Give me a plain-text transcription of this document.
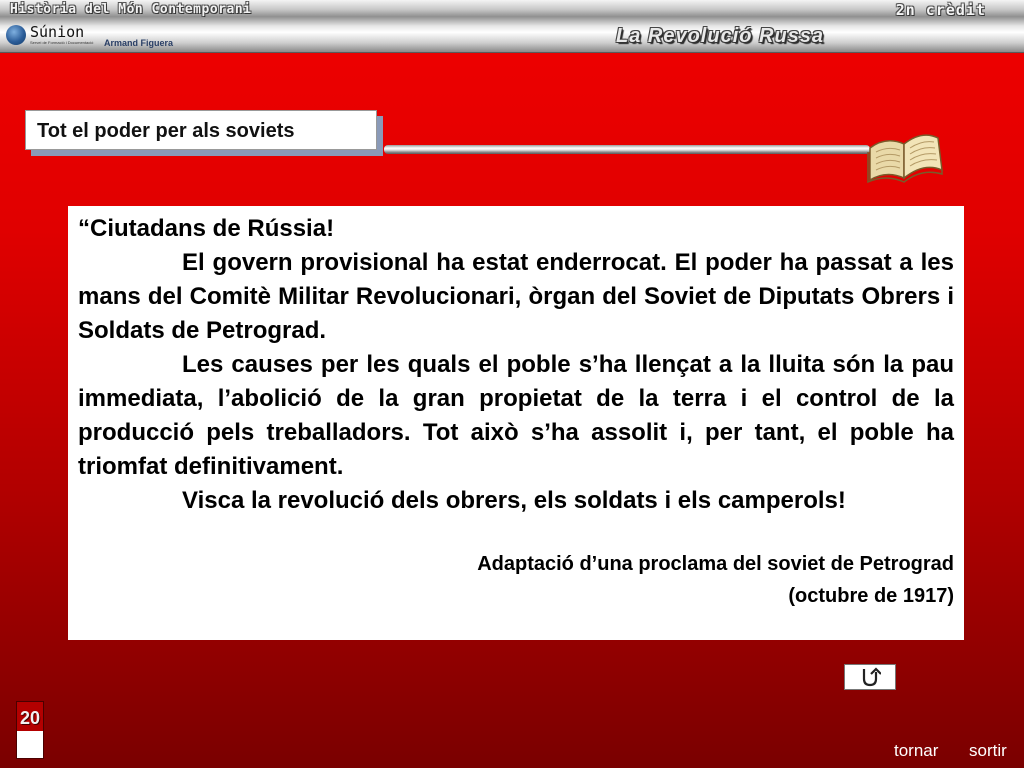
Història del Món Contemporani	2n crèdit
Súnion
Servei de Formació i Documentació Armand Figuera	La Revolució Russa
Tot el poder per als soviets

“Ciutadans de Rússia!

El govern provisional ha estat enderrocat. El poder ha passat a les mans del Comitè Militar Revolucionari, òrgan del Soviet de Diputats Obrers i Soldats de Petrograd.

Les causes per les quals el poble s’ha llençat a la lluita són la pau immediata, l’abolició de la gran propietat de la terra i el control de la producció pels treballadors. Tot això s’ha assolit i, per tant, el poble ha triomfat definitivament.

Visca la revolució dels obrers, els soldats i els camperols!

Adaptació d’una proclama del soviet de Petrograd
(octubre de 1917)
20
tornar sortir
